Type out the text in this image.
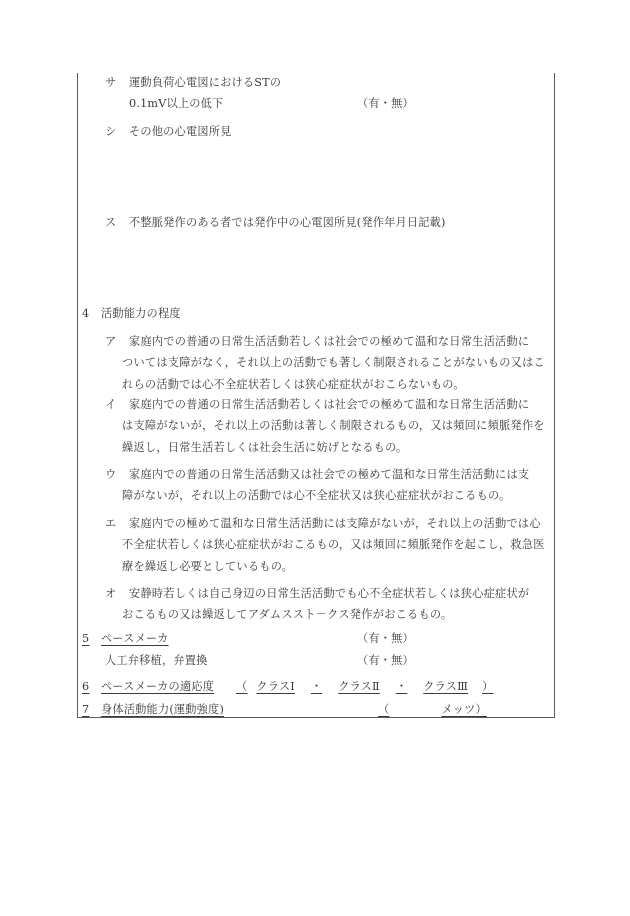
サ 運動負荷心電図におけるSTの
0.1mV以上の低下	（有・無）
シ その他の心電図所見
ス 不整脈発作のある者では発作中の心電図所見(発作年月日記載)
4 活動能力の程度
ア 家庭内での普通の日常生活活動若しくは社会での極めて温和な日常生活活動に
ついては支障がなく，それ以上の活動でも著しく制限されることがないもの又はこ
れらの活動では心不全症状若しくは狭心症症状がおこらないもの。
イ 家庭内での普通の日常生活活動若しくは社会での極めて温和な日常生活活動に
は支障がないが，それ以上の活動は著しく制限されるもの，又は頻回に頻脈発作を
繰返し，日常生活若しくは社会生活に妨げとなるもの。
ウ 家庭内での普通の日常生活活動又は社会での極めて温和な日常生活活動には支
障がないが，それ以上の活動では心不全症状又は狭心症症状がおこるもの。
エ 家庭内での極めて温和な日常生活活動には支障がないが，それ以上の活動では心
不全症状若しくは狭心症症状がおこるもの，又は頻回に頻脈発作を起こし，救急医
療を繰返し必要としているもの。
オ 安静時若しくは自己身辺の日常生活活動でも心不全症状若しくは狭心症症状が
おこるもの又は繰返してアダムススト－クス発作がおこるもの。
5 ペースメーカ	（有・無）
人工弁移植，弁置換	（有・無）
6 ペースメーカの適応度 （ クラスⅠ ・ クラスⅡ ・ クラスⅢ ）
7 身体活動能力(運動強度)	（	メッツ）
